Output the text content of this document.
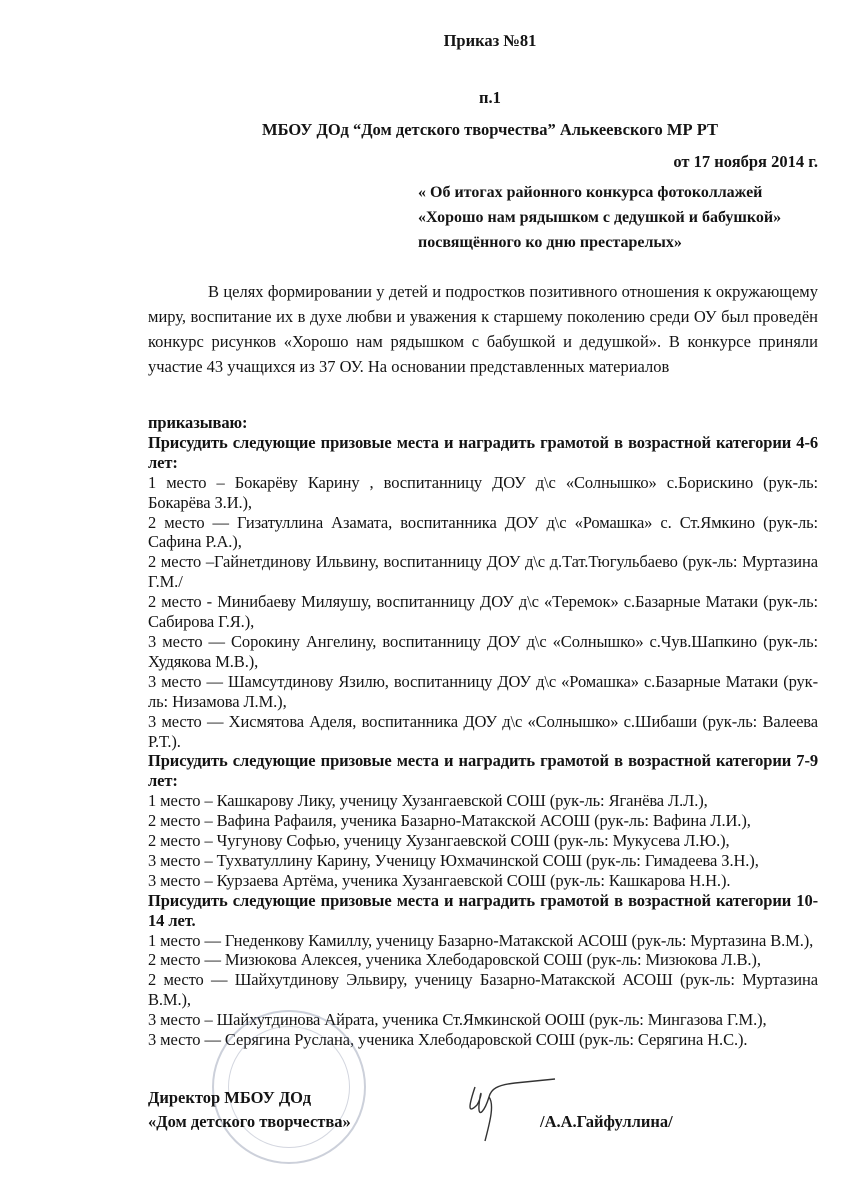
Приказ №81
п.1
МБОУ ДОд “Дом детского творчества” Алькеевского МР РТ
от 17 ноября 2014 г.
« Об итогах районного конкурса фотоколлажей
«Хорошо нам рядышком с дедушкой и бабушкой»
посвящённого ко дню престарелых»

В целях формировании у детей и подростков позитивного отношения к окружающему миру, воспитание их в духе любви и уважения к старшему поколению среди ОУ был проведён конкурс рисунков «Хорошо нам рядышком с бабушкой и дедушкой». В конкурсе приняли участие 43 учащихся из 37 ОУ. На основании представленных материалов

приказываю:

Присудить следующие призовые места и наградить грамотой в возрастной категории 4-6 лет:

1 место – Бокарёву Карину , воспитанницу ДОУ д\с «Солнышко» с.Борискино (рук-ль: Бокарёва З.И.),

2 место — Гизатуллина Азамата, воспитанника ДОУ д\с «Ромашка» с. Ст.Ямкино (рук-ль: Сафина Р.А.),

2 место –Гайнетдинову Ильвину, воспитанницу ДОУ д\с д.Тат.Тюгульбаево (рук-ль: Муртазина Г.М./

2 место - Минибаеву Миляушу, воспитанницу ДОУ д\с «Теремок» с.Базарные Матаки (рук-ль: Сабирова Г.Я.),

3 место — Сорокину Ангелину, воспитанницу ДОУ д\с «Солнышко» с.Чув.Шапкино (рук-ль: Худякова М.В.),

3 место — Шамсутдинову Язилю, воспитанницу ДОУ д\с «Ромашка» с.Базарные Матаки (рук-ль: Низамова Л.М.),

3 место — Хисмятова Аделя, воспитанника ДОУ д\с «Солнышко» с.Шибаши (рук-ль: Валеева Р.Т.).

Присудить следующие призовые места и наградить грамотой в возрастной категории 7-9 лет:

1 место – Кашкарову Лику, ученицу Хузангаевской СОШ (рук-ль: Яганёва Л.Л.),

2 место – Вафина Рафаиля, ученика Базарно-Матакской АСОШ (рук-ль: Вафина Л.И.),

2 место – Чугунову Софью, ученицу Хузангаевской СОШ (рук-ль: Мукусева Л.Ю.),

3 место – Тухватуллину Карину, Ученицу Юхмачинской СОШ (рук-ль: Гимадеева З.Н.),

3 место – Курзаева Артёма, ученика Хузангаевской СОШ (рук-ль: Кашкарова Н.Н.).

Присудить следующие призовые места и наградить грамотой в возрастной категории 10-14 лет.

1 место — Гнеденкову Камиллу, ученицу Базарно-Матакской АСОШ (рук-ль: Муртазина В.М.),

2 место — Мизюкова Алексея, ученика Хлебодаровской СОШ (рук-ль: Мизюкова Л.В.),

2 место — Шайхутдинову Эльвиру, ученицу Базарно-Матакской АСОШ (рук-ль: Муртазина В.М.),

3 место – Шайхутдинова Айрата, ученика Ст.Ямкинской ООШ (рук-ль: Мингазова Г.М.),

3 место — Серягина Руслана, ученика Хлебодаровской СОШ (рук-ль: Серягина Н.С.).

Директор МБОУ ДОд
«Дом детского творчества»	/А.А.Гайфуллина/
